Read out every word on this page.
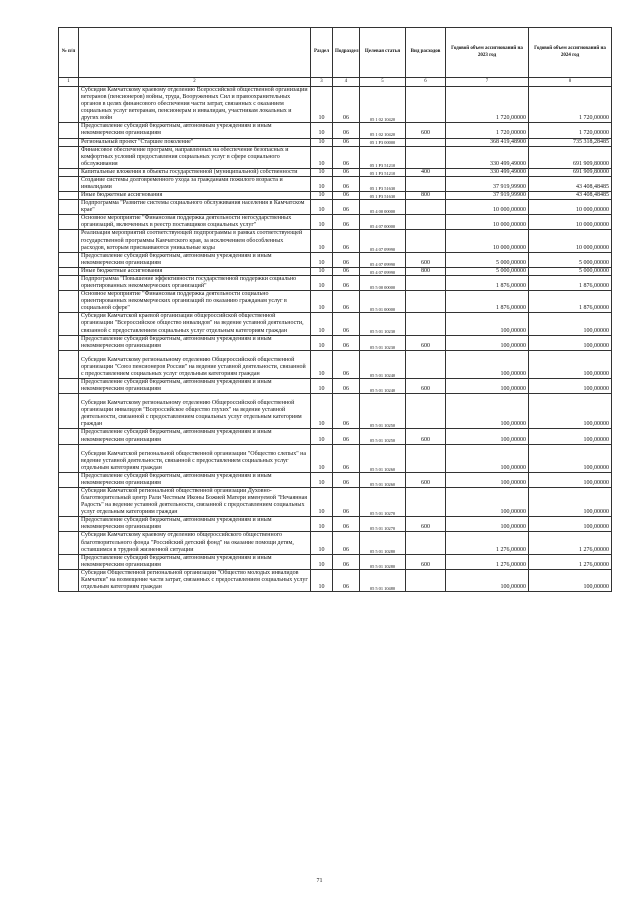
№ п/п		Раздел	Подраздел	Целевая статья	Вид расходов	Годовой объем ассигнований на 2023 год	Годовой объем ассигнований на 2024 год
1	2	3	4	5	6	7	8
	Субсидия Камчатскому краевому отделению Всероссийской общественной организации ветеранов (пенсионеров) войны, труда, Вооруженных Сил и правоохранительных органов в целях финансового обеспечения части затрат, связанных с оказанием социальных услуг ветеранам, пенсионерам и инвалидам, участникам локальных и других войн	10	06	05 1 02 10420		1 720,00000	1 720,00000
	Предоставление субсидий бюджетным, автономным учреждениям и иным некоммерческим организациям	10	06	05 1 02 10420	600	1 720,00000	1 720,00000
	Региональный проект "Старшее поколение"	10	06	05 1 P3 00000		368 419,48900	735 318,28485
	Финансовое обеспечение программ, направленных на обеспечение безопасных и комфортных условий предоставления социальных услуг в сфере социального обслуживания	10	06	05 1 P3 51210		330 499,49000	691 909,80000
	Капитальные вложения в объекты государственной (муниципальной) собственности	10	06	05 1 P3 51210	400	330 499,49000	691 909,80000
	Создание системы долговременного ухода за гражданами пожилого возраста и инвалидами	10	06	05 1 P3 51630		37 919,99900	43 408,48485
	Иные бюджетные ассигнования	10	06	05 1 P3 51630	800	37 919,99900	43 408,48485
	Подпрограмма "Развитие системы социального обслуживания населения в Камчатском крае"	10	06	05 4 00 00000		10 000,00000	10 000,00000
	Основное мероприятие "Финансовая поддержка деятельности негосударственных организаций, включенных в реестр поставщиков социальных услуг"	10	06	05 4 07 00000		10 000,00000	10 000,00000
	Реализация мероприятий соответствующей подпрограммы в рамках соответствующей государственной программы Камчатского края, за исключением обособленных расходов, которым присваиваются уникальные коды	10	06	05 4 07 09990		10 000,00000	10 000,00000
	Предоставление субсидий бюджетным, автономным учреждениям и иным некоммерческим организациям	10	06	05 4 07 09990	600	5 000,00000	5 000,00000
	Иные бюджетные ассигнования	10	06	05 4 07 09990	800	5 000,00000	5 000,00000
	Подпрограмма "Повышение эффективности государственной поддержки социально ориентированных некоммерческих организаций"	10	06	05 5 00 00000		1 876,00000	1 876,00000
	Основное мероприятие "Финансовая поддержка деятельности социально ориентированных некоммерческих организаций по оказанию гражданам услуг в социальной сфере"	10	06	05 5 01 00000		1 876,00000	1 876,00000
	Субсидия Камчатской краевой организации общероссийской общественной организации "Всероссийское общество инвалидов" на ведение уставной деятельности, связанной с предоставлением социальных услуг отдельным категориям граждан	10	06	05 5 01 10230		100,00000	100,00000
	Предоставление субсидий бюджетным, автономным учреждениям и иным некоммерческим организациям	10	06	05 5 01 10230	600	100,00000	100,00000
	Субсидия Камчатскому региональному отделению Общероссийской общественной организации "Союз пенсионеров России" на ведение уставной деятельности, связанной с предоставлением социальных услуг отдельным категориям граждан	10	06	05 5 01 10240		100,00000	100,00000
	Предоставление субсидий бюджетным, автономным учреждениям и иным некоммерческим организациям	10	06	05 5 01 10240	600	100,00000	100,00000
	Субсидия Камчатскому региональному отделению Общероссийской общественной организации инвалидов "Всероссийское общество глухих" на ведение уставной деятельности, связанной с предоставлением социальных услуг отдельным категориям граждан	10	06	05 5 01 10250		100,00000	100,00000
	Предоставление субсидий бюджетным, автономным учреждениям и иным некоммерческим организациям	10	06	05 5 01 10250	600	100,00000	100,00000
	Субсидия Камчатской региональной общественной организации "Общество слепых" на ведение уставной деятельности, связанной с предоставлением социальных услуг отдельным категориям граждан	10	06	05 5 01 10260		100,00000	100,00000
	Предоставление субсидий бюджетным, автономным учреждениям и иным некоммерческим организациям	10	06	05 5 01 10260	600	100,00000	100,00000
	Субсидия Камчатской региональной общественной организации Духовно-благотворительный центр Рали Честным Иконы Божией Матери именуемой "Нечаянная Радость" на ведение уставной деятельности, связанной с предоставлением социальных услуг отдельным категориям граждан	10	06	05 5 01 10270		100,00000	100,00000
	Предоставление субсидий бюджетным, автономным учреждениям и иным некоммерческим организациям	10	06	05 5 01 10270	600	100,00000	100,00000
	Субсидия Камчатскому краевому отделению общероссийского общественного благотворительного фонда "Российский детский фонд" на оказание помощи детям, оставшимся в трудной жизненной ситуации	10	06	05 5 01 10280		1 276,00000	1 276,00000
	Предоставление субсидий бюджетным, автономным учреждениям и иным некоммерческим организациям	10	06	05 5 01 10280	600	1 276,00000	1 276,00000
	Субсидия Общественной региональной организации "Общество молодых инвалидов Камчатки" на возмещение части затрат, связанных с предоставлением социальных услуг отдельным категориям граждан	10	06	05 5 01 10480		100,00000	100,00000
71
